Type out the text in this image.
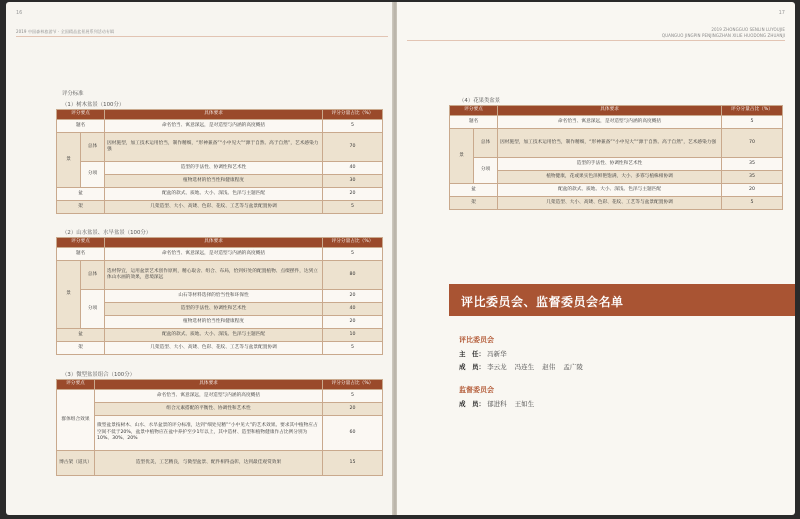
16
2019 中国森林旅游节 · 全国精品盆景展系列活动专辑
评分标准
（1）树木盆景（100分）
评分要点		具体要求	评分分量占比（%）
题名		命名恰当、寓意深远，是对造型与内涵的高度概括	5
景	总体	因材施型，加工技术运用恰当，制作精细，“形神兼备”“小中见大”“源于自然、高于自然”，艺术感染力强	70
	分项	造型的手法性、协调性和艺术性	40
		植物选材的恰当性和健康程度	30
盆		配盆的款式、质地、大小、深浅、色泽与主题匹配	20
架		几架造型、大小、高矮、色彩、花纹、工艺等与盆景配置协调	5
（2）山水盆景、水旱盆景（100分）
评分要点		具体要求	评分分量占比（%）
题名		命名恰当、寓意深远，是对造型与内涵的高度概括	5
景	总体	选材得宜，运用盆景艺术创作原则，精心取舍、组合、布局，恰到好处的配置植物、点缀摆件，达到立体山水画的效果，意境深远	80
	分项	山石等材料选择的恰当性和环保性	20
		造型的手法性、协调性和艺术性	40
		植物选材的恰当性和健康程度	20
盆		配盆的款式、质地、大小、深浅、色泽与主题匹配	10
架		几架造型、大小、高矮、色彩、花纹、工艺等与盆景配置协调	5
（3）微型盆景组合（100分）
评分要点	具体要求	评分分量占比（%）
群体组合效果	命名恰当、寓意深远，是对造型与内涵的高度概括	5
	组合元素搭配的平衡性、协调性和艺术性	20
	微型盆景按树木、山水、水旱盆景的评分标准，达到“细处见精”“小中见大”的艺术效果。要求其中植物应占空间不低于20%，盆景中植物应在盆中养护至少1年以上，其中造材、造型和植物健康作占比例分别为10%、30%、20%	60
博古架（道具）	造型优美，工艺精良，与微型盆景、配件相得益彰，达到最佳观赏效果	15
17
2019 ZHONGGUO SENLIN LUYOUJIE
QUANGUO JINGPIN PENJINGZHAN XILIE HUODONG ZHUANJI
（4）花果类盆景
评分要点		具体要求	评分分量占比（%）
题名		命名恰当、寓意深远，是对造型与内涵的高度概括	5
景	总体	因材施型，加工技术运用恰当，制作精细，“形神兼备”“小中见大”“源于自然、高于自然”，艺术感染力强	70
	分项	造型的手法性、协调性和艺术性	35
		植物健康，花或果实色泽鲜艳饱满，大小、多寡与植株相协调	35
盆		配盆的款式、质地、大小、深浅、色泽与主题匹配	20
架		几架造型、大小、高矮、色彩、花纹、工艺等与盆景配置协调	5
评比委员会、监督委员会名单
评比委员会
主　任： 冯新华
成　员： 李云龙 冯连生 赵伟 孟广陵
监督委员会
成　员： 郁进科 王如生
